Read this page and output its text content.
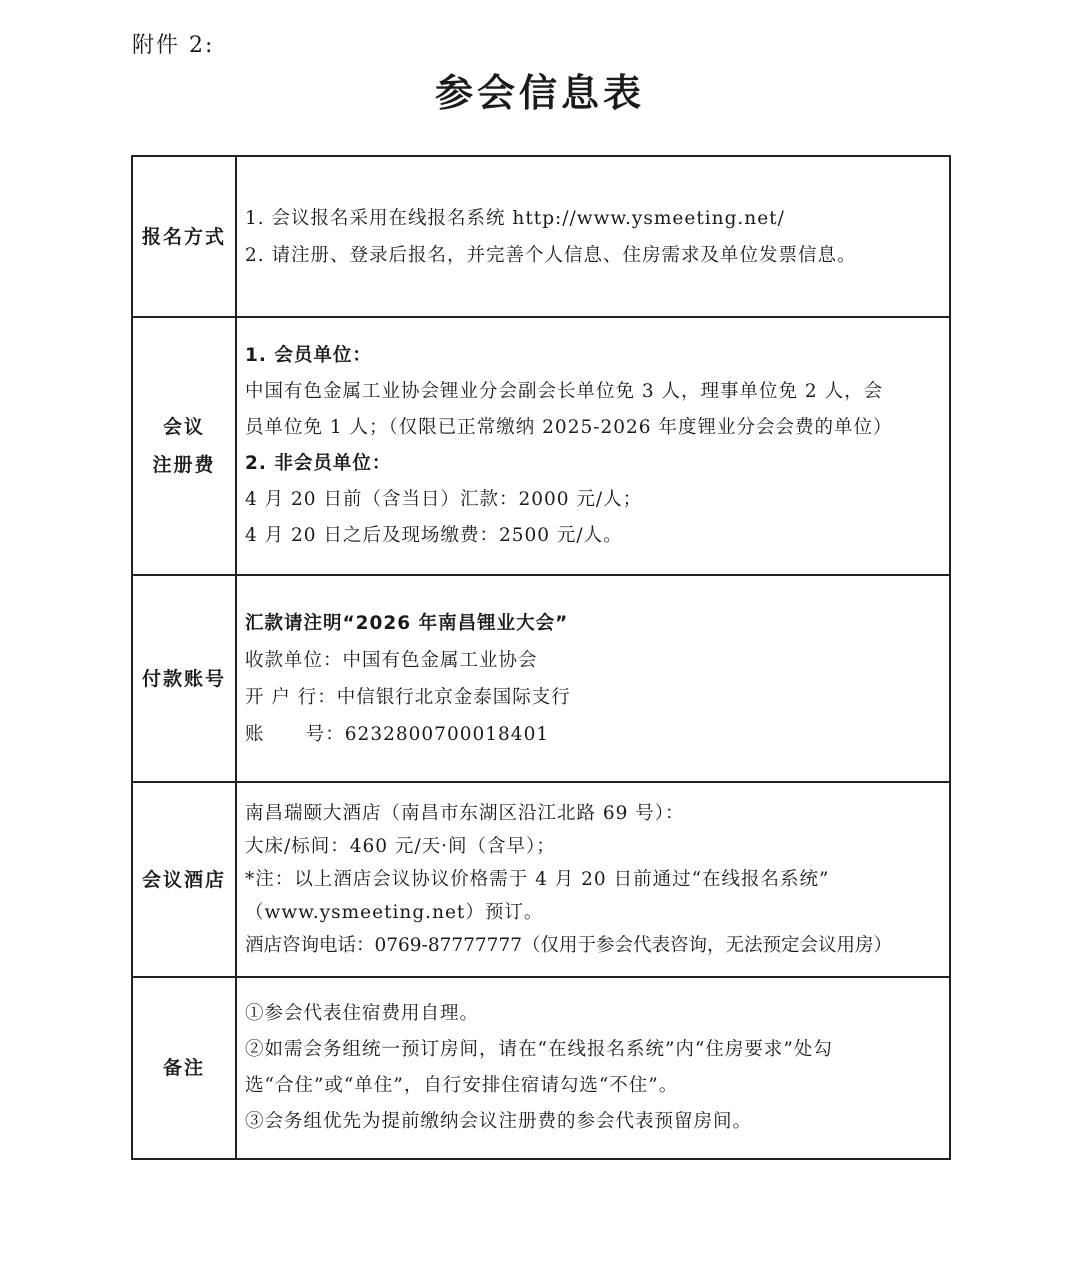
附件 2:
参会信息表
报名方式
1. 会议报名采用在线报名系统 http://www.ysmeeting.net/
2. 请注册、登录后报名，并完善个人信息、住房需求及单位发票信息。
会议
注册费
1. 会员单位：
中国有色金属工业协会锂业分会副会长单位免 3 人，理事单位免 2 人，会
员单位免 1 人；（仅限已正常缴纳 2025-2026 年度锂业分会会费的单位）
2. 非会员单位：
4 月 20 日前（含当日）汇款：2000 元/人；
4 月 20 日之后及现场缴费：2500 元/人。
付款账号
汇款请注明“2026 年南昌锂业大会”
收款单位：中国有色金属工业协会
开 户 行：中信银行北京金泰国际支行
账      号：6232800700018401
会议酒店
南昌瑞颐大酒店（南昌市东湖区沿江北路 69 号）：
大床/标间：460 元/天·间（含早）；
*注：以上酒店会议协议价格需于 4 月 20 日前通过“在线报名系统”
（www.ysmeeting.net）预订。
酒店咨询电话：0769-87777777（仅用于参会代表咨询，无法预定会议用房）
备注
①参会代表住宿费用自理。
②如需会务组统一预订房间，请在“在线报名系统”内“住房要求”处勾
选“合住”或“单住”，自行安排住宿请勾选“不住”。
③会务组优先为提前缴纳会议注册费的参会代表预留房间。
